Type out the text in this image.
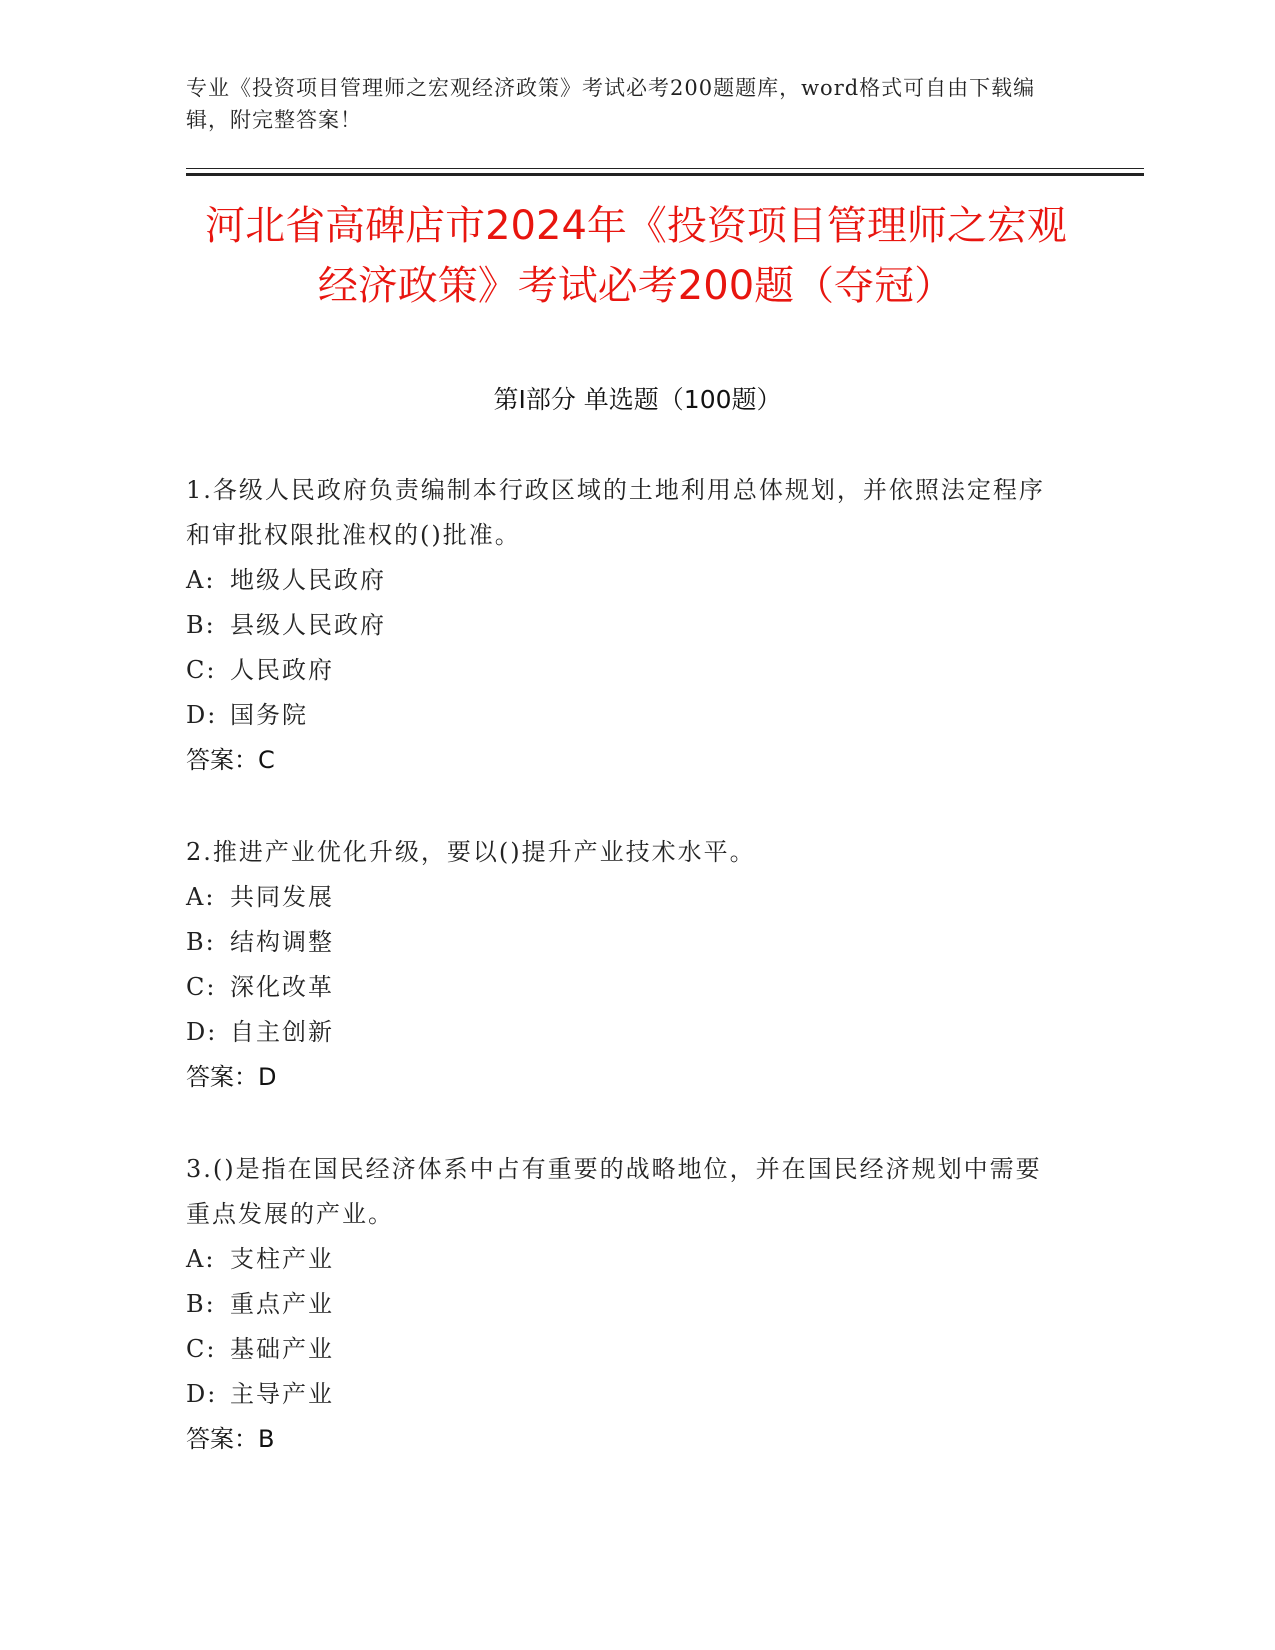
专业《投资项目管理师之宏观经济政策》考试必考200题题库，word格式可自由下载编辑，附完整答案！
河北省高碑店市2024年《投资项目管理师之宏观经济政策》考试必考200题（夺冠）
第Ⅰ部分 单选题（100题）
1.各级人民政府负责编制本行政区域的土地利用总体规划，并依照法定程序和审批权限批准权的()批准。
A: 地级人民政府
B: 县级人民政府
C: 人民政府
D: 国务院
答案：C
2.推进产业优化升级，要以()提升产业技术水平。
A: 共同发展
B: 结构调整
C: 深化改革
D: 自主创新
答案：D
3.()是指在国民经济体系中占有重要的战略地位，并在国民经济规划中需要重点发展的产业。
A: 支柱产业
B: 重点产业
C: 基础产业
D: 主导产业
答案：B
